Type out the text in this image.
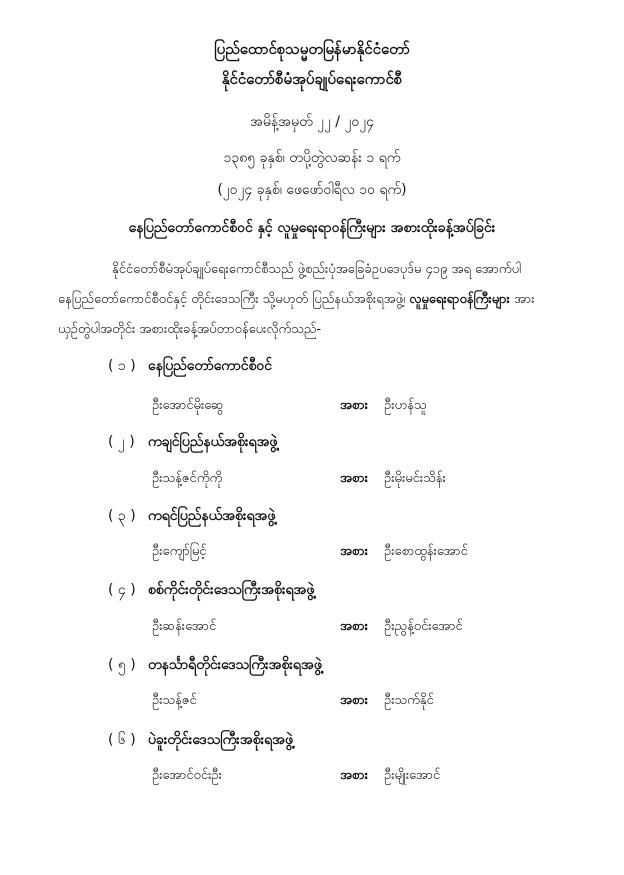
ပြည်ထောင်စုသမ္မတမြန်မာနိုင်ငံတော်
နိုင်ငံတော်စီမံအုပ်ချုပ်ရေးကောင်စီ
အမိန့်အမှတ် ၂၂ / ၂၀၂၄
၁၃၈၅ ခုနှစ်၊ တပို့တွဲလဆန်း ၁ ရက်
(၂၀၂၄ ခုနှစ်၊ ဖေဖော်ဝါရီလ ၁၀ ရက်)
နေပြည်တော်ကောင်စီဝင် နှင့် လူမှုရေးရာဝန်ကြီးများ အစားထိုးခန့်အပ်ခြင်း
နိုင်ငံတော်စီမံအုပ်ချုပ်ရေးကောင်စီသည် ဖွဲ့စည်းပုံအခြေခံဥပဒေပုဒ်မ ၄၁၉ အရ အောက်ပါ
နေပြည်တော်ကောင်စီဝင်နှင့် တိုင်းဒေသကြီး သို့မဟုတ် ပြည်နယ်အစိုးရအဖွဲ့၊ လူမှုရေးရာဝန်ကြီးများ အား
ယှဉ်တွဲပါအတိုင်း အစားထိုးခန့်အပ်တာဝန်ပေးလိုက်သည်-
( ၁ ) နေပြည်တော်ကောင်စီဝင်
ဦးအောင်မိုးဆွေ	အစား ဦးဟန်သူ
( ၂ ) ကချင်ပြည်နယ်အစိုးရအဖွဲ့
ဦးသန့်ဇင်ကိုကို	အစား ဦးမိုးမင်းသိန်း
( ၃ ) ကရင်ပြည်နယ်အစိုးရအဖွဲ့
ဦးကျော်မြင့်	အစား ဦးစောထွန်းအောင်
( ၄ ) စစ်ကိုင်းတိုင်းဒေသကြီးအစိုးရအဖွဲ့
ဦးဆန်းအောင်	အစား ဦးညွန့်ဝင်းအောင်
( ၅ ) တနင်္သာရီတိုင်းဒေသကြီးအစိုးရအဖွဲ့
ဦးသန့်ဇင်	အစား ဦးသက်နိုင်
( ၆ ) ပဲခူးတိုင်းဒေသကြီးအစိုးရအဖွဲ့
ဦးအောင်ဝင်းဦး	အစား ဦးမျိုးအောင်
